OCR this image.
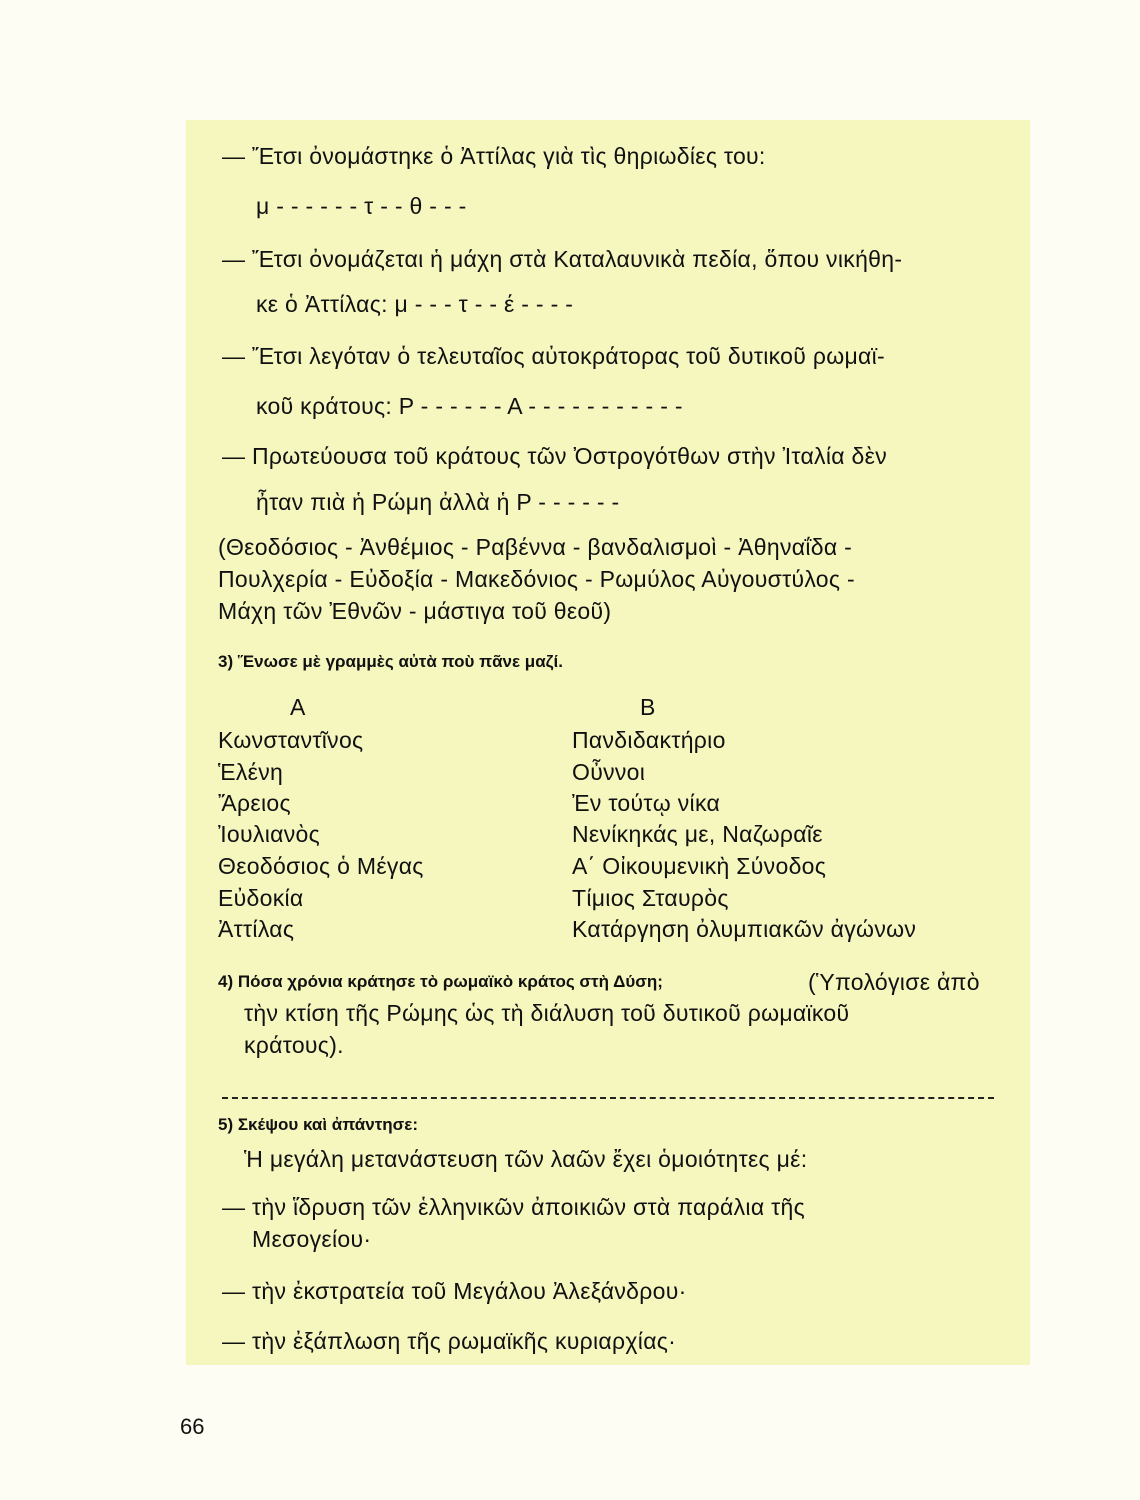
— Ἔτσι ὀνομάστηκε ὁ Ἀττίλας γιὰ τὶς θηριωδίες του:
μ - - - - - - τ - - θ - - -
— Ἔτσι ὀνομάζεται ἡ μάχη στὰ Καταλαυνικὰ πεδία, ὅπου νικήθη-
κε ὁ Ἀττίλας: μ - - - τ - - έ - - - -
— Ἔτσι λεγόταν ὁ τελευταῖος αὐτοκράτορας τοῦ δυτικοῦ ρωμαϊ-
κοῦ κράτους: Ρ - - - - - - Α - - - - - - - - - - -
— Πρωτεύουσα τοῦ κράτους τῶν Ὀστρογότθων στὴν Ἰταλία δὲν
ἦταν πιὰ ἡ Ρώμη ἀλλὰ ἡ Ρ - - - - - -
(Θεοδόσιος - Ἀνθέμιος - Ραβέννα - βανδαλισμοὶ - Ἀθηναΐδα -
Πουλχερία - Εὐδοξία - Μακεδόνιος - Ρωμύλος Αὐγουστύλος -
Μάχη τῶν Ἐθνῶν - μάστιγα τοῦ θεοῦ)
3) Ἕνωσε μὲ γραμμὲς αὐτὰ ποὺ πᾶνε μαζί.
Α	Β
Κωνσταντῖνος
Ἑλένη
Ἄρειος
Ἰουλιανὸς
Θεοδόσιος ὁ Μέγας
Εὐδοκία
Ἀττίλας
Πανδιδακτήριο
Οὖννοι
Ἐν τούτῳ νίκα
Νενίκηκάς με, Ναζωραῖε
Α΄ Οἰκουμενικὴ Σύνοδος
Τίμιος Σταυρὸς
Κατάργηση ὀλυμπιακῶν ἀγώνων
4) Πόσα χρόνια κράτησε τὸ ρωμαϊκὸ κράτος στὴ Δύση;	(Ὑπολόγισε ἀπὸ
τὴν κτίση τῆς Ρώμης ὡς τὴ διάλυση τοῦ δυτικοῦ ρωμαϊκοῦ
κράτους).
5) Σκέψου καὶ ἀπάντησε:
Ἡ μεγάλη μετανάστευση τῶν λαῶν ἔχει ὁμοιότητες μέ:
— τὴν ἵδρυση τῶν ἑλληνικῶν ἀποικιῶν στὰ παράλια τῆς
Μεσογείου·
— τὴν ἐκστρατεία τοῦ Μεγάλου Ἀλεξάνδρου·
— τὴν ἐξάπλωση τῆς ρωμαϊκῆς κυριαρχίας·
66
